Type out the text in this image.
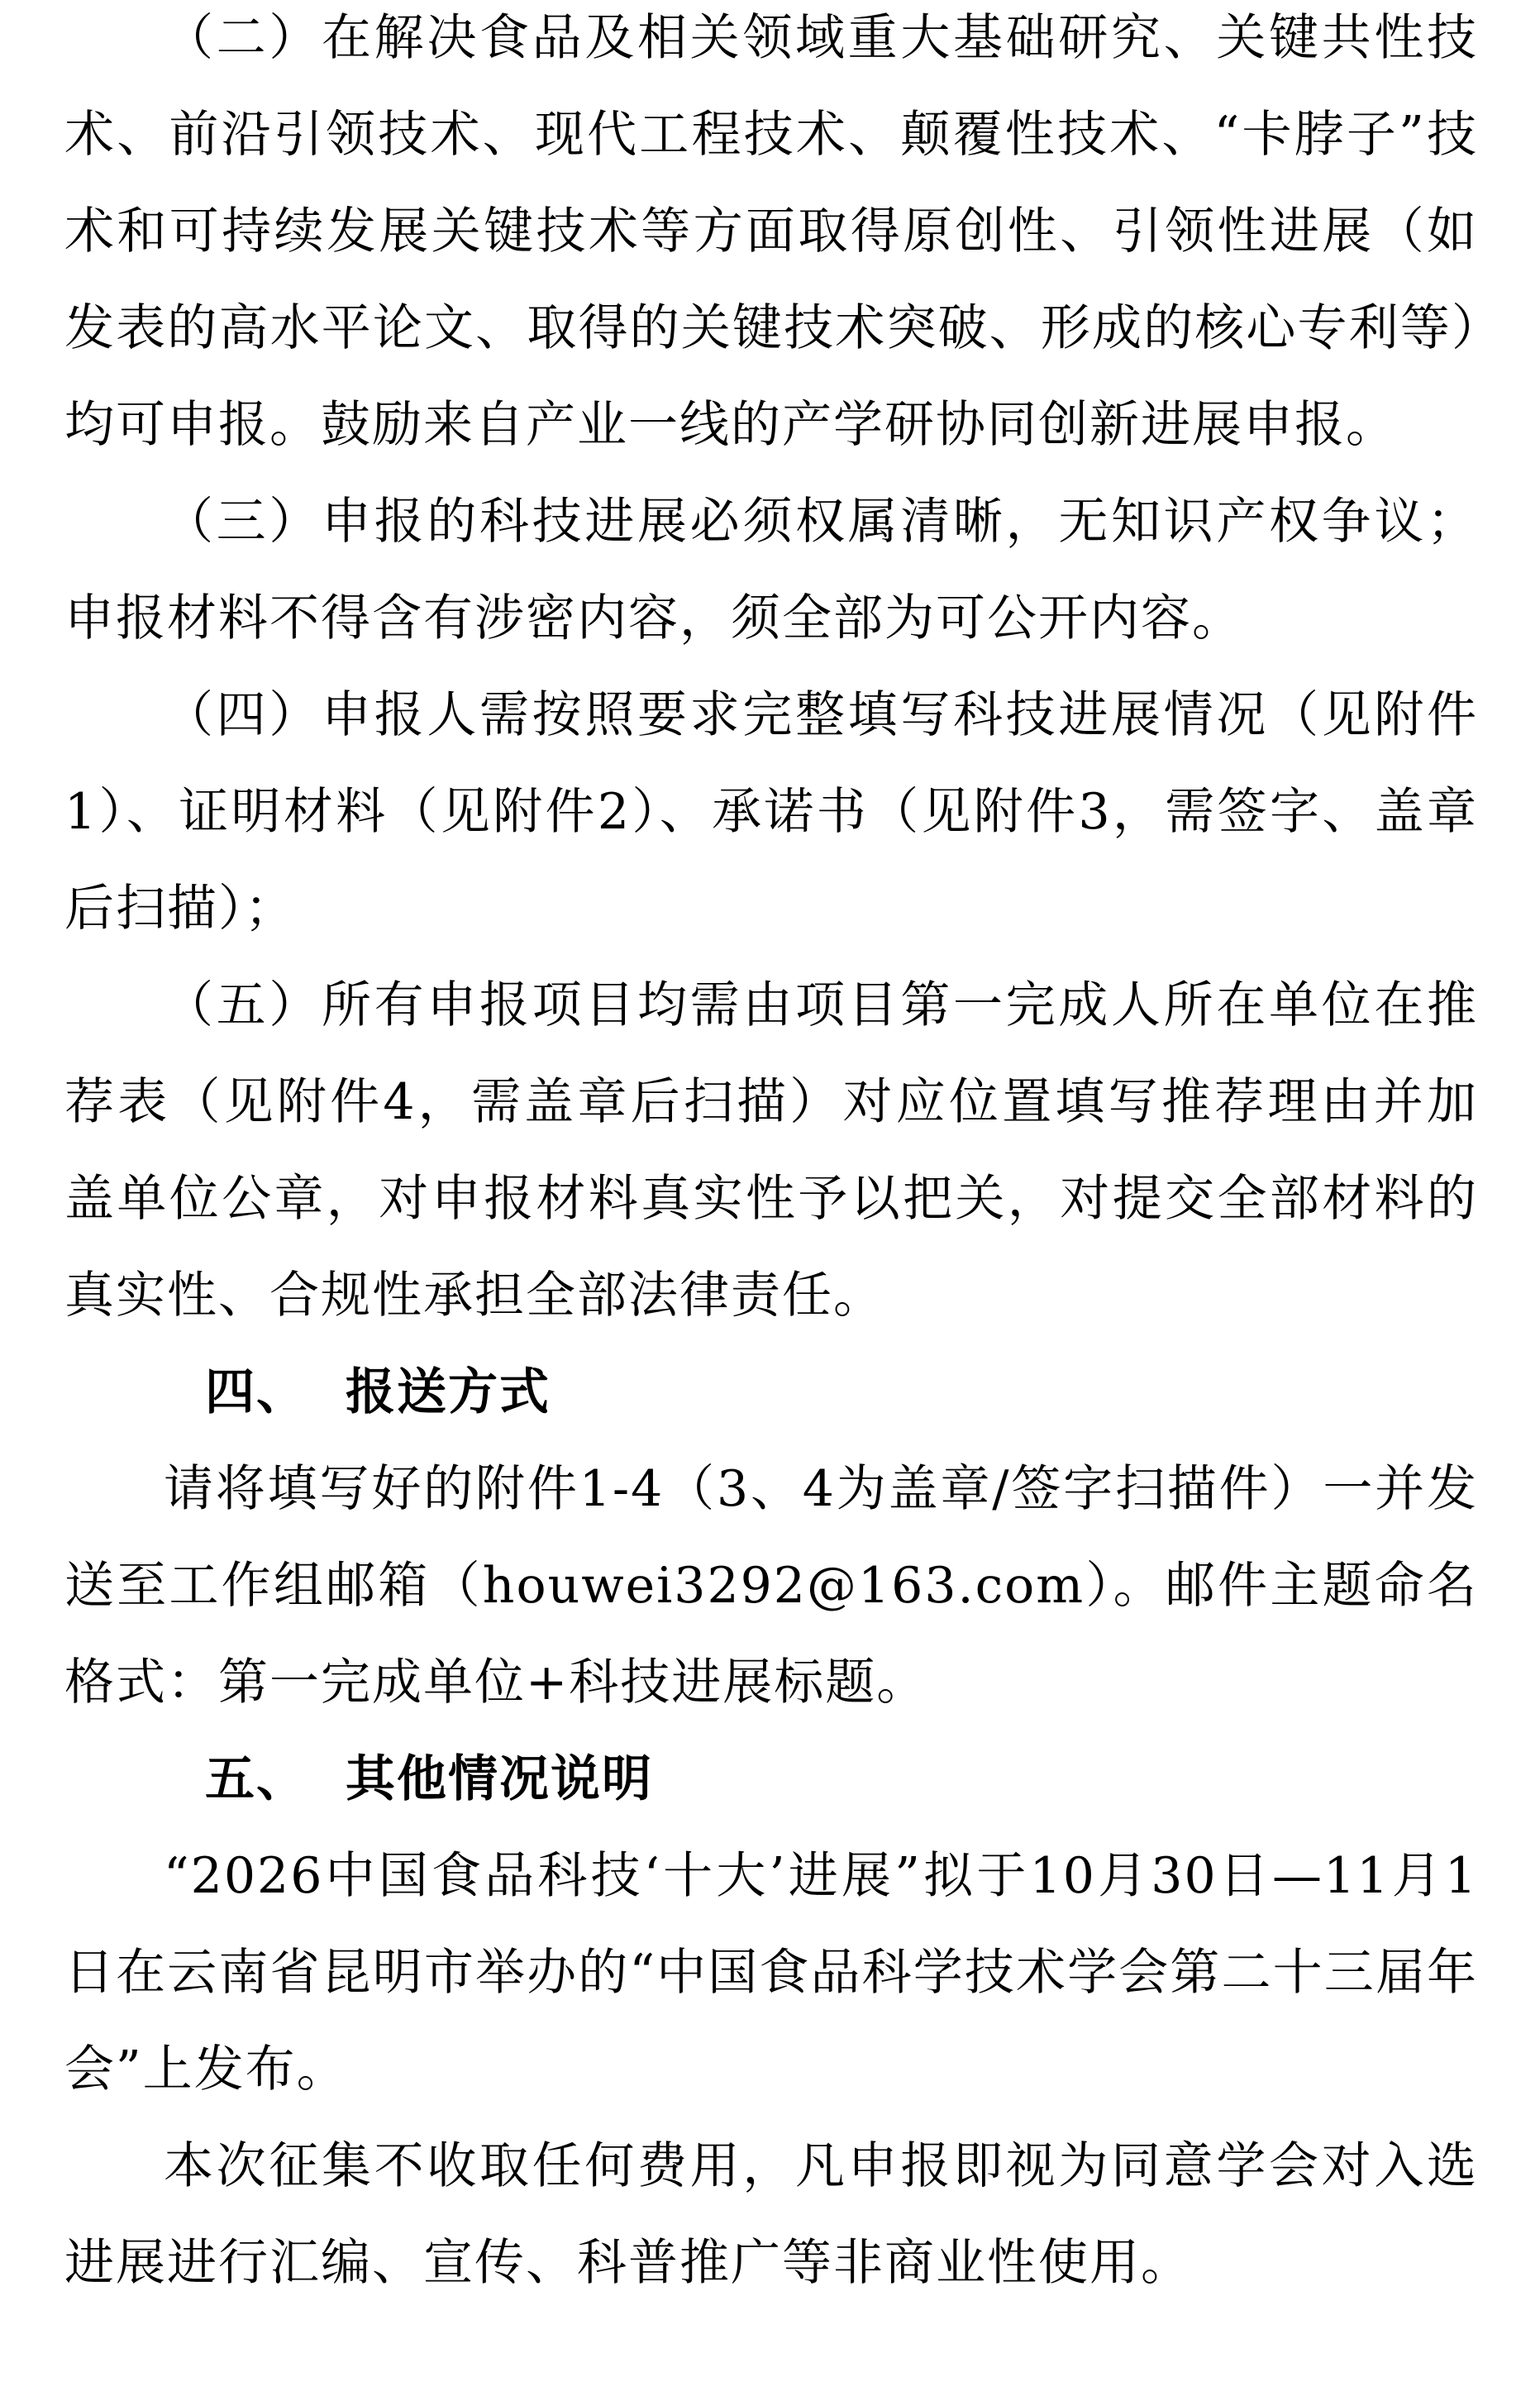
（二）在解决食品及相关领域重大基础研究、关键共性技术、前沿引领技术、现代工程技术、颠覆性技术、“卡脖子”技术和可持续发展关键技术等方面取得原创性、引领性进展（如发表的高水平论文、取得的关键技术突破、形成的核心专利等）均可申报。鼓励来自产业一线的产学研协同创新进展申报。

（三）申报的科技进展必须权属清晰，无知识产权争议；申报材料不得含有涉密内容，须全部为可公开内容。

（四）申报人需按照要求完整填写科技进展情况（见附件1）、证明材料（见附件2）、承诺书（见附件3，需签字、盖章后扫描）；

（五）所有申报项目均需由项目第一完成人所在单位在推荐表（见附件4，需盖章后扫描）对应位置填写推荐理由并加盖单位公章，对申报材料真实性予以把关，对提交全部材料的真实性、合规性承担全部法律责任。

四、 报送方式

请将填写好的附件1-4（3、4为盖章/签字扫描件）一并发送至工作组邮箱（houwei3292@163.com）。邮件主题命名格式：第一完成单位+科技进展标题。

五、 其他情况说明

“2026中国食品科技‘十大’进展”拟于10月30日—11月1日在云南省昆明市举办的“中国食品科学技术学会第二十三届年会”上发布。

本次征集不收取任何费用，凡申报即视为同意学会对入选进展进行汇编、宣传、科普推广等非商业性使用。
